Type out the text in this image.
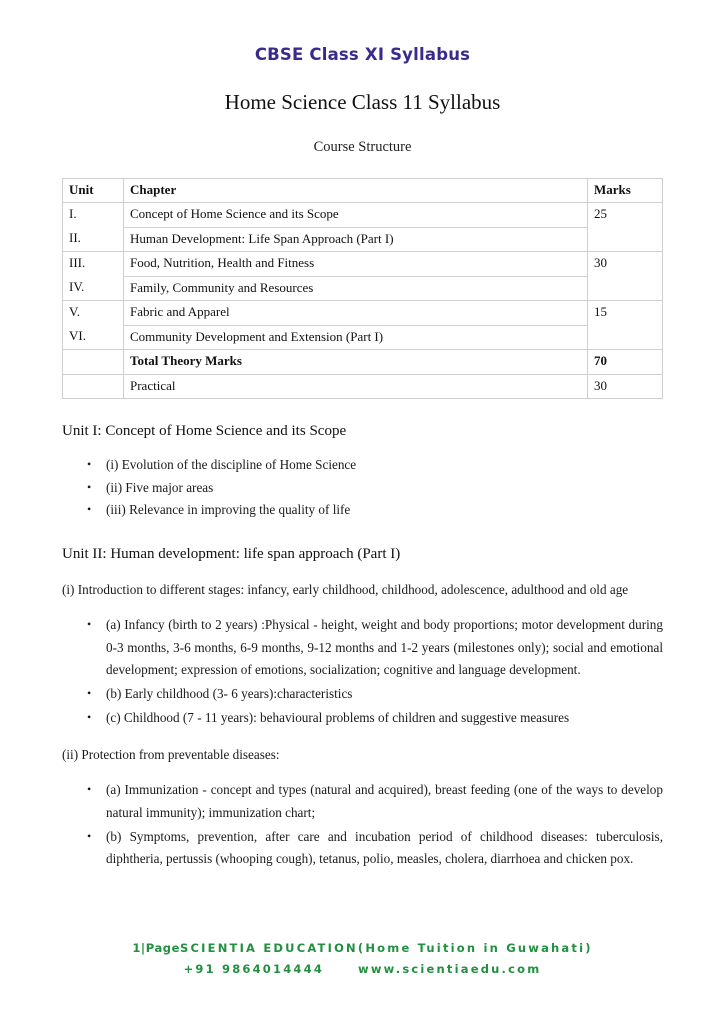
CBSE Class XI Syllabus
Home Science Class 11 Syllabus
Course Structure
Unit	Chapter	Marks
I.	Concept of Home Science and its Scope	25
II.	Human Development: Life Span Approach (Part I)	
III.	Food, Nutrition, Health and Fitness	30
IV.	Family, Community and Resources	
V.	Fabric and Apparel	15
VI.	Community Development and Extension (Part I)	
	Total Theory Marks	70
	Practical	30
Unit I: Concept of Home Science and its Scope
• (i) Evolution of the discipline of Home Science
• (ii) Five major areas
• (iii) Relevance in improving the quality of life
Unit II: Human development: life span approach (Part I)

(i) Introduction to different stages: infancy, early childhood, childhood, adolescence, adulthood and old age

• (a) Infancy (birth to 2 years) :Physical - height, weight and body proportions; motor development during 0-3 months, 3-6 months, 6-9 months, 9-12 months and 1-2 years (milestones only); social and emotional development; expression of emotions, socialization; cognitive and language development.
• (b) Early childhood (3- 6 years):characteristics
• (c) Childhood (7 - 11 years): behavioural problems of children and suggestive measures

(ii) Protection from preventable diseases:

• (a) Immunization - concept and types (natural and acquired), breast feeding (one of the ways to develop natural immunity); immunization chart;
• (b) Symptoms, prevention, after care and incubation period of childhood diseases: tuberculosis, diphtheria, pertussis (whooping cough), tetanus, polio, measles, cholera, diarrhoea and chicken pox.
1|PageSCIENTIA EDUCATION(Home Tuition in Guwahati)
+91 9864014444	www.scientiaedu.com
